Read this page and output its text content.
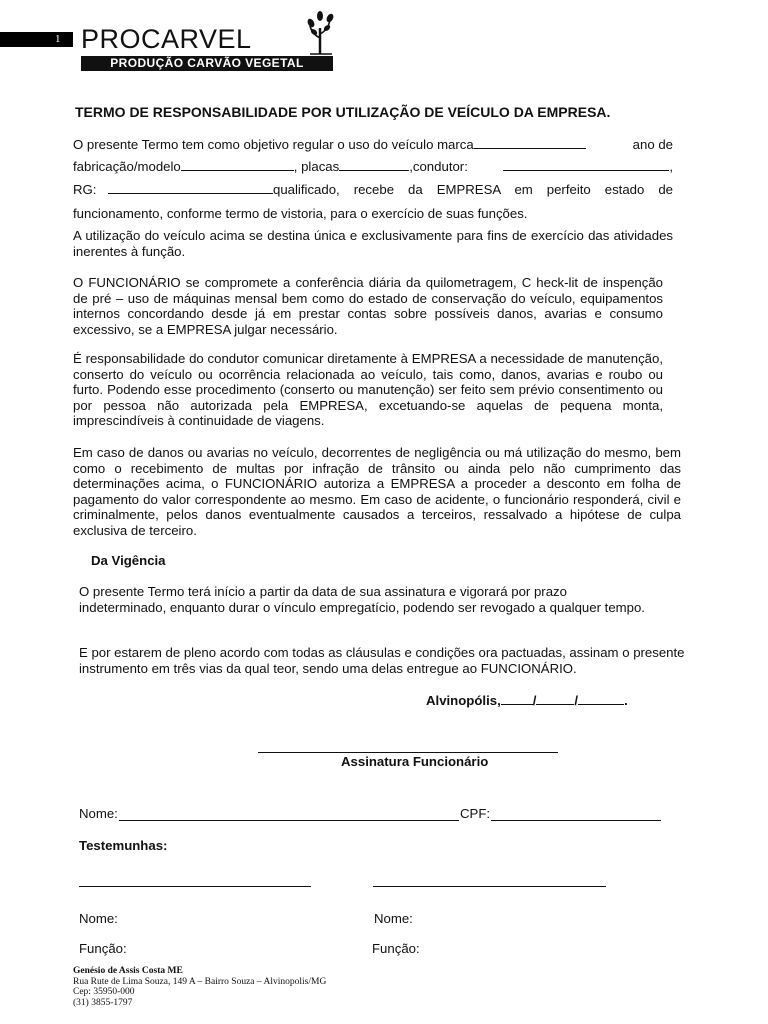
1 PROCARVEL
PRODUÇÃO CARVÃO VEGETAL
TERMO DE RESPONSABILIDADE POR UTILIZAÇÃO DE VEÍCULO DA EMPRESA.
O presente Termo tem como objetivo regular o uso do veículo marca	ano de
fabricação/modelo	, placas	,condutor:	,
RG:	qualificado, recebe da EMPRESA em perfeito estado de
funcionamento, conforme termo de vistoria, para o exercício de suas funções.
A utilização do veículo acima se destina única e exclusivamente para fins de exercício das atividades inerentes à função.
O FUNCIONÁRIO se compromete a conferência diária da quilometragem, C heck-lit de inspenção de pré – uso de máquinas mensal bem como do estado de conservação do veículo, equipamentos internos concordando desde já em prestar contas sobre possíveis danos, avarias e consumo excessivo, se a EMPRESA julgar necessário.
É responsabilidade do condutor comunicar diretamente à EMPRESA a necessidade de manutenção, conserto do veículo ou ocorrência relacionada ao veículo, tais como, danos, avarias e roubo ou furto. Podendo esse procedimento (conserto ou manutenção) ser feito sem prévio consentimento ou por pessoa não autorizada pela EMPRESA, excetuando-se aquelas de pequena monta, imprescindíveis à continuidade de viagens.
Em caso de danos ou avarias no veículo, decorrentes de negligência ou má utilização do mesmo, bem como o recebimento de multas por infração de trânsito ou ainda pelo não cumprimento das determinações acima, o FUNCIONÁRIO autoriza a EMPRESA a proceder a desconto em folha de pagamento do valor correspondente ao mesmo. Em caso de acidente, o funcionário responderá, civil e criminalmente, pelos danos eventualmente causados a terceiros, ressalvado a hipótese de culpa exclusiva de terceiro.
Da Vigência
O presente Termo terá início a partir da data de sua assinatura e vigorará por prazo indeterminado, enquanto durar o vínculo empregatício, podendo ser revogado a qualquer tempo.
E por estarem de pleno acordo com todas as cláusulas e condições ora pactuadas, assinam o presente instrumento em três vias da qual teor, sendo uma delas entregue ao FUNCIONÁRIO.
Alvinopólis, /	/	.
Assinatura Funcionário
Nome:	CPF:
Testemunhas:
Nome:	Nome:
Função:	Função:
Genésio de Assis Costa ME
Rua Rute de Lima Souza, 149 A – Bairro Souza – Alvinopolis/MG
Cep: 35950-000
(31) 3855-1797
